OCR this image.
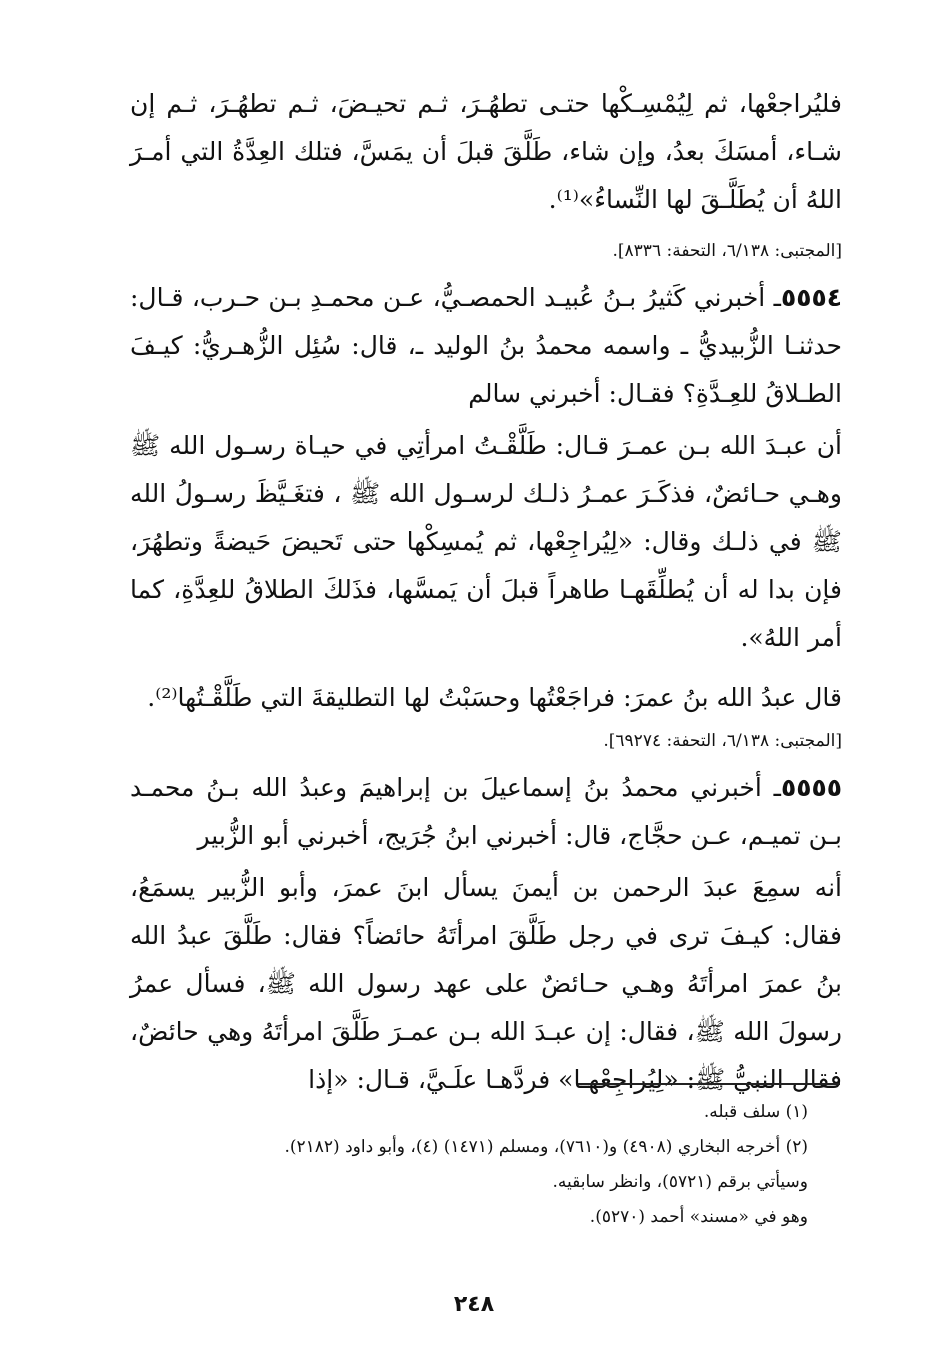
فليُراجعْها، ثم لِيُمْسِـكْها حتـى تطهُـرَ، ثـم تحيـضَ، ثـم تطهُـرَ، ثـم إن شـاء، أمسَكَ بعدُ، وإن شاء، طَلَّقَ قبلَ أن يمَسَّ، فتلك العِدَّةُ التي أمـرَ اللهُ أن يُطَلَّـقَ لها النِّساءُ»⁽¹⁾.

[المجتبى: ٦/١٣٨، التحفة: ٨٣٣٦].

٥٥٥٤ـ أخبرني كَثيرُ بـنُ عُبيـد الحمصـيُّ، عـن محمـدِ بـن حـرب، قـال: حدثنـا الزُّبيديُّ ـ واسمه محمدُ بنُ الوليد ـ، قال: سُئِل الزُّهـريُّ: كيـفَ الطـلاقُ للعِـدَّةِ؟ فقـال: أخبرني سالم

أن عبـدَ الله بـن عمـرَ قـال: طَلَّقْـتُ امرأتِي في حيـاة رسـول الله ﷺ وهـي حـائضٌ، فذكَـرَ عمـرُ ذلـك لرسـول الله ﷺ ، فتغَـيَّظَ رسـولُ الله ﷺ في ذلـك وقال: «لِيُراجِعْها، ثم يُمسِكْها حتى تَحيضَ حَيضةً وتطهُرَ، فإن بدا له أن يُطلِّقَهـا طاهراً قبلَ أن يَمسَّها، فذَلكَ الطلاقُ للعِدَّةِ، كما أمر اللهُ».

قال عبدُ الله بنُ عمرَ: فراجَعْتُها وحسَبْتُ لها التطليقةَ التي طَلَّقْـتُها⁽²⁾.

[المجتبى: ٦/١٣٨، التحفة: ٦٩٢٧٤].

٥٥٥٥ـ أخبرني محمدُ بنُ إسماعيلَ بن إبراهيمَ وعبدُ الله بـنُ محمـد بـن تميـم، عـن حجَّاج، قال: أخبرني ابنُ جُرَيج، أخبرني أبو الزُّبير

أنه سمِعَ عبدَ الرحمن بن أيمنَ يسأل ابنَ عمرَ، وأبو الزُّبير يسمَعُ، فقال: كيـفَ ترى في رجل طَلَّقَ امرأتَهُ حائضاً؟ فقال: طَلَّقَ عبدُ الله بنُ عمرَ امرأتَهُ وهـي حـائضٌ على عهد رسول الله ﷺ، فسأل عمرُ رسولَ الله ﷺ، فقال: إن عبـدَ الله بـن عمـرَ طَلَّقَ امرأتَهُ وهي حائضٌ، فقال النبيُّ ﷺ: «لِيُراجِعْهـا» فردَّهـا علَـيَّ، قـال: «إذا

(١) سلف قبله.

(٢) أخرجه البخاري (٤٩٠٨) و(٧٦١٠)، ومسلم (١٤٧١) (٤)، وأبو داود (٢١٨٢).

وسيأتي برقم (٥٧٢١)، وانظر سابقيه.

وهو في «مسند» أحمد (٥٢٧٠).

٢٤٨
